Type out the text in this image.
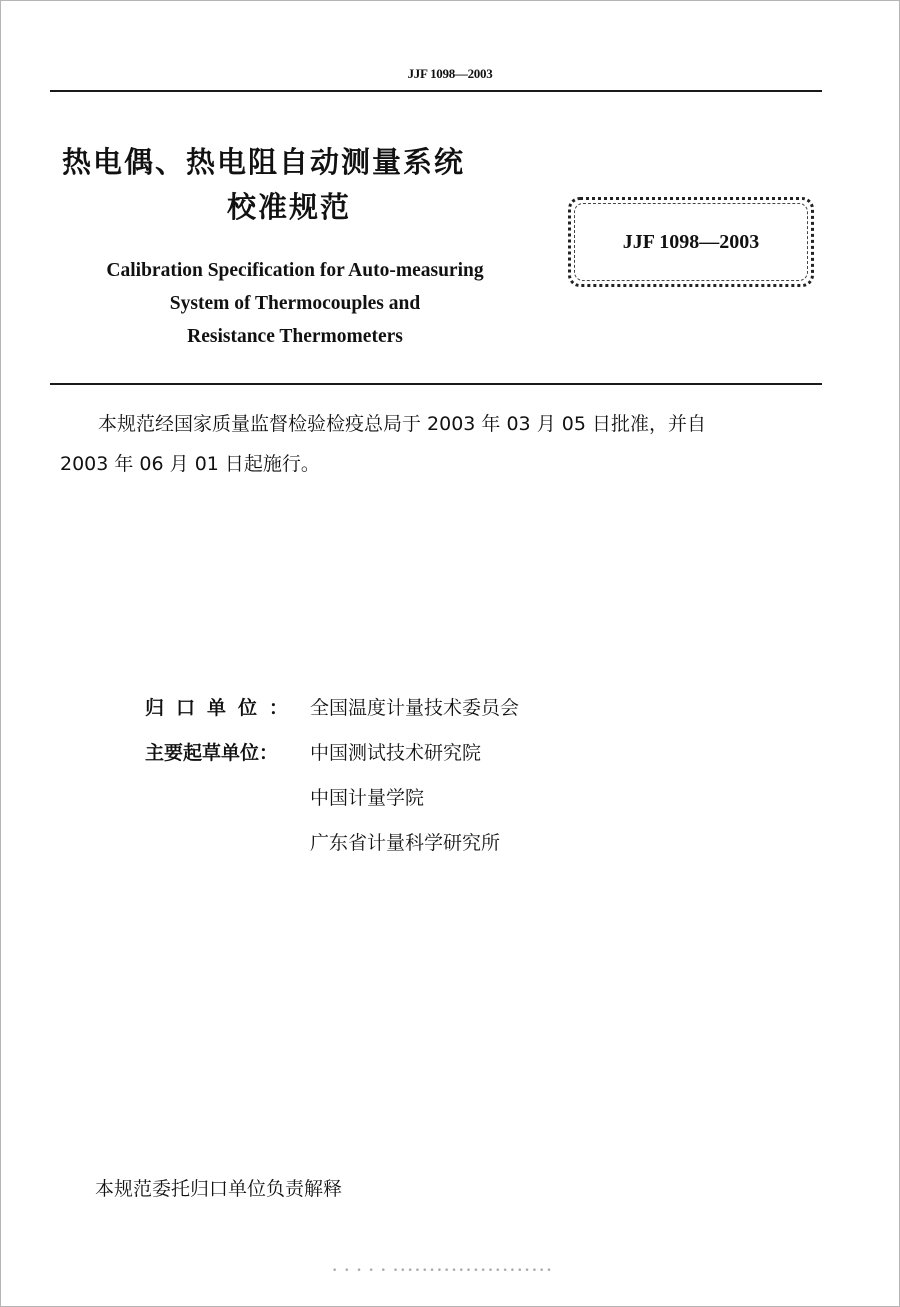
JJF 1098—2003
热电偶、热电阻自动测量系统
校准规范
Calibration Specification for Auto-measuring
System of Thermocouples and
Resistance Thermometers
JJF 1098—2003
本规范经国家质量监督检验检疫总局于 2003 年 03 月 05 日批准，并自
2003 年 06 月 01 日起施行。
归口单位： 全国温度计量技术委员会
主要起草单位：	中国测试技术研究院
中国计量学院
广东省计量科学研究所
本规范委托归口单位负责解释
• • • • • ••••••••••••••••••••••
